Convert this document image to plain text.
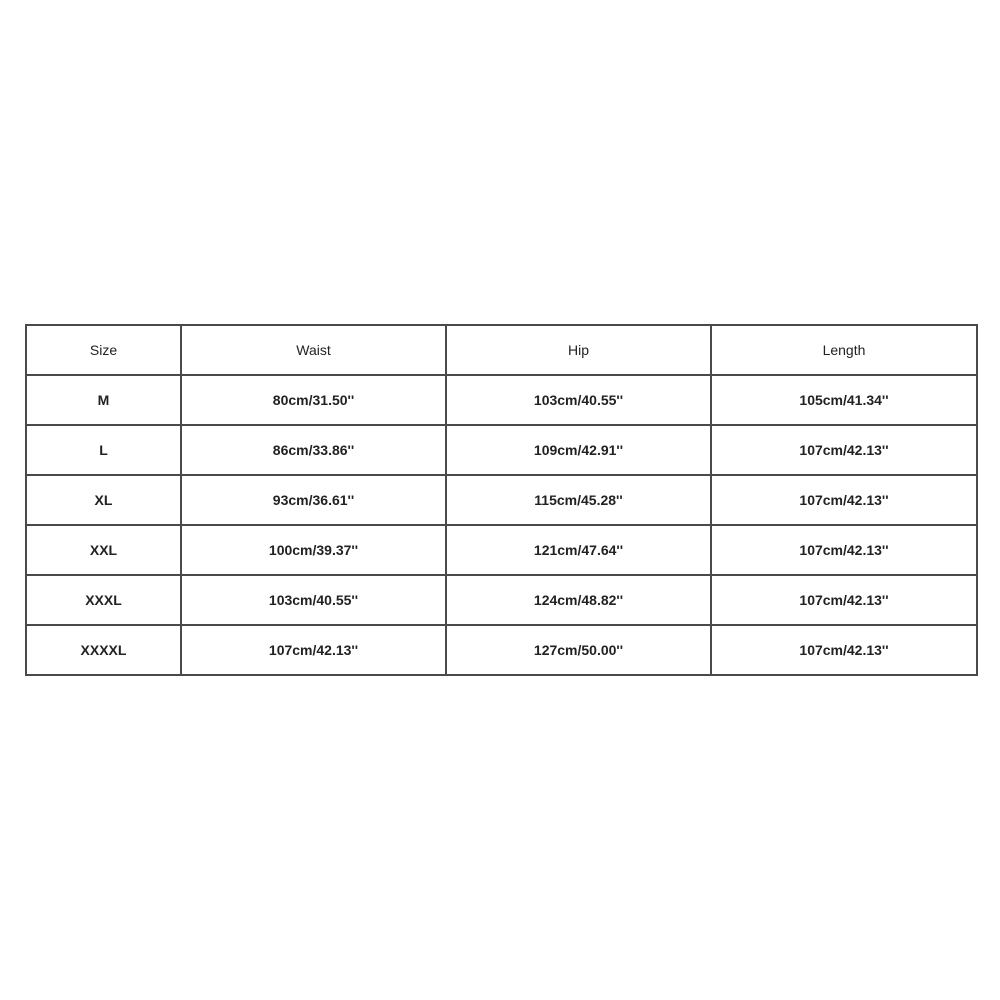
Size	Waist	Hip	Length
M	80cm/31.50''	103cm/40.55''	105cm/41.34''
L	86cm/33.86''	109cm/42.91''	107cm/42.13''
XL	93cm/36.61''	115cm/45.28''	107cm/42.13''
XXL	100cm/39.37''	121cm/47.64''	107cm/42.13''
XXXL	103cm/40.55''	124cm/48.82''	107cm/42.13''
XXXXL	107cm/42.13''	127cm/50.00''	107cm/42.13''
